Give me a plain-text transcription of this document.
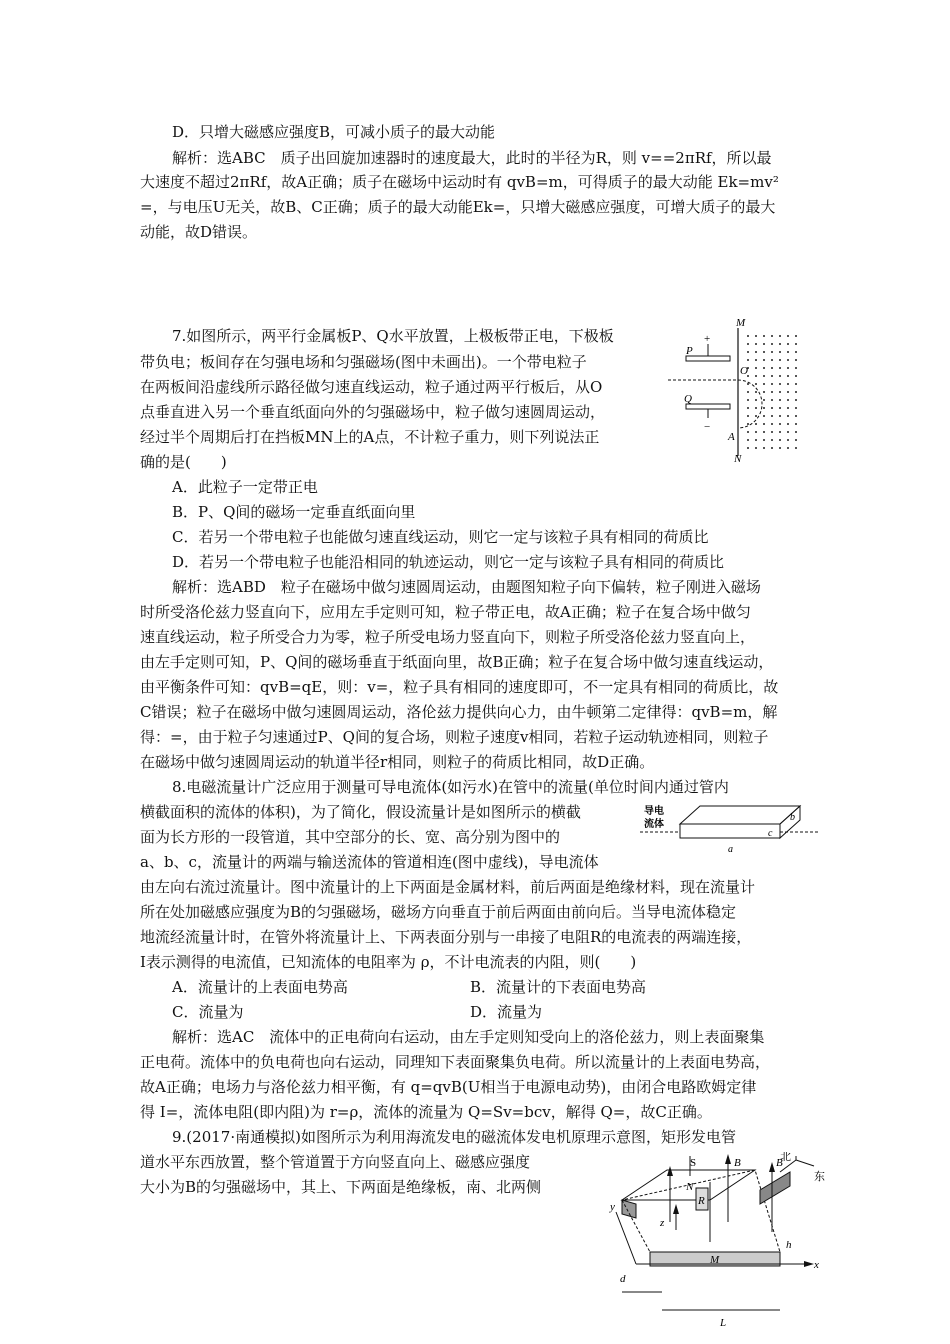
D．只增大磁感应强度B，可减小质子的最大动能
解析：选ABC　质子出回旋加速器时的速度最大，此时的半径为R，则 v==2πRf，所以最
大速度不超过2πRf，故A正确；质子在磁场中运动时有 qvB=m，可得质子的最大动能 Ek=mv²
=，与电压U无关，故B、C正确；质子的最大动能Ek=，只增大磁感应强度，可增大质子的最大
动能，故D错误。
7.如图所示，两平行金属板P、Q水平放置，上极板带正电，下极板
带负电；板间存在匀强电场和匀强磁场(图中未画出)。一个带电粒子
在两板间沿虚线所示路径做匀速直线运动，粒子通过两平行板后，从O
点垂直进入另一个垂直纸面向外的匀强磁场中，粒子做匀速圆周运动，
经过半个周期后打在挡板MN上的A点，不计粒子重力，则下列说法正
确的是(　　)
A．此粒子一定带正电
B．P、Q间的磁场一定垂直纸面向里
C．若另一个带电粒子也能做匀速直线运动，则它一定与该粒子具有相同的荷质比
D．若另一个带电粒子也能沿相同的轨迹运动，则它一定与该粒子具有相同的荷质比
解析：选ABD　粒子在磁场中做匀速圆周运动，由题图知粒子向下偏转，粒子刚进入磁场
时所受洛伦兹力竖直向下，应用左手定则可知，粒子带正电，故A正确；粒子在复合场中做匀
速直线运动，粒子所受合力为零，粒子所受电场力竖直向下，则粒子所受洛伦兹力竖直向上，
由左手定则可知，P、Q间的磁场垂直于纸面向里，故B正确；粒子在复合场中做匀速直线运动，
由平衡条件可知：qvB=qE，则：v=，粒子具有相同的速度即可，不一定具有相同的荷质比，故
C错误；粒子在磁场中做匀速圆周运动，洛伦兹力提供向心力，由牛顿第二定律得：qvB=m，解
得：=，由于粒子匀速通过P、Q间的复合场，则粒子速度v相同，若粒子运动轨迹相同，则粒子
在磁场中做匀速圆周运动的轨道半径r相同，则粒子的荷质比相同，故D正确。
+
−
P
Q
M
O
A
N
8.电磁流量计广泛应用于测量可导电流体(如污水)在管中的流量(单位时间内通过管内
横截面积的流体的体积)，为了简化，假设流量计是如图所示的横截
面为长方形的一段管道，其中空部分的长、宽、高分别为图中的
a、b、c，流量计的两端与输送流体的管道相连(图中虚线)，导电流体
由左向右流过流量计。图中流量计的上下两面是金属材料，前后两面是绝缘材料，现在流量计
所在处加磁感应强度为B的匀强磁场，磁场方向垂直于前后两面由前向后。当导电流体稳定
地流经流量计时，在管外将流量计上、下两表面分别与一串接了电阻R的电流表的两端连接，
I表示测得的电流值，已知流体的电阻率为 ρ，不计电流表的内阻，则(　　)
A．流量计的上表面电势高	B．流量计的下表面电势高
C．流量为	D．流量为
解析：选AC　流体中的正电荷向右运动，由左手定则知受向上的洛伦兹力，则上表面聚集
正电荷。流体中的负电荷也向右运动，同理知下表面聚集负电荷。所以流量计的上表面电势高，
故A正确；电场力与洛伦兹力相平衡，有 q=qvB(U相当于电源电动势)，由闭合电路欧姆定律
得 I=，流体电阻(即内阻)为 r=ρ，流体的流量为 Q=Sv=bcv，解得 Q=，故C正确。
导电
流体
a
b
c
9.(2017·南通模拟)如图所示为利用海流发电的磁流体发电机原理示意图，矩形发电管
道水平东西放置，整个管道置于方向竖直向上、磁感应强度
大小为B的匀强磁场中，其上、下两面是绝缘板，南、北两侧
S	B	B
北
东
N
R
M	x
y
z
d
h
L
